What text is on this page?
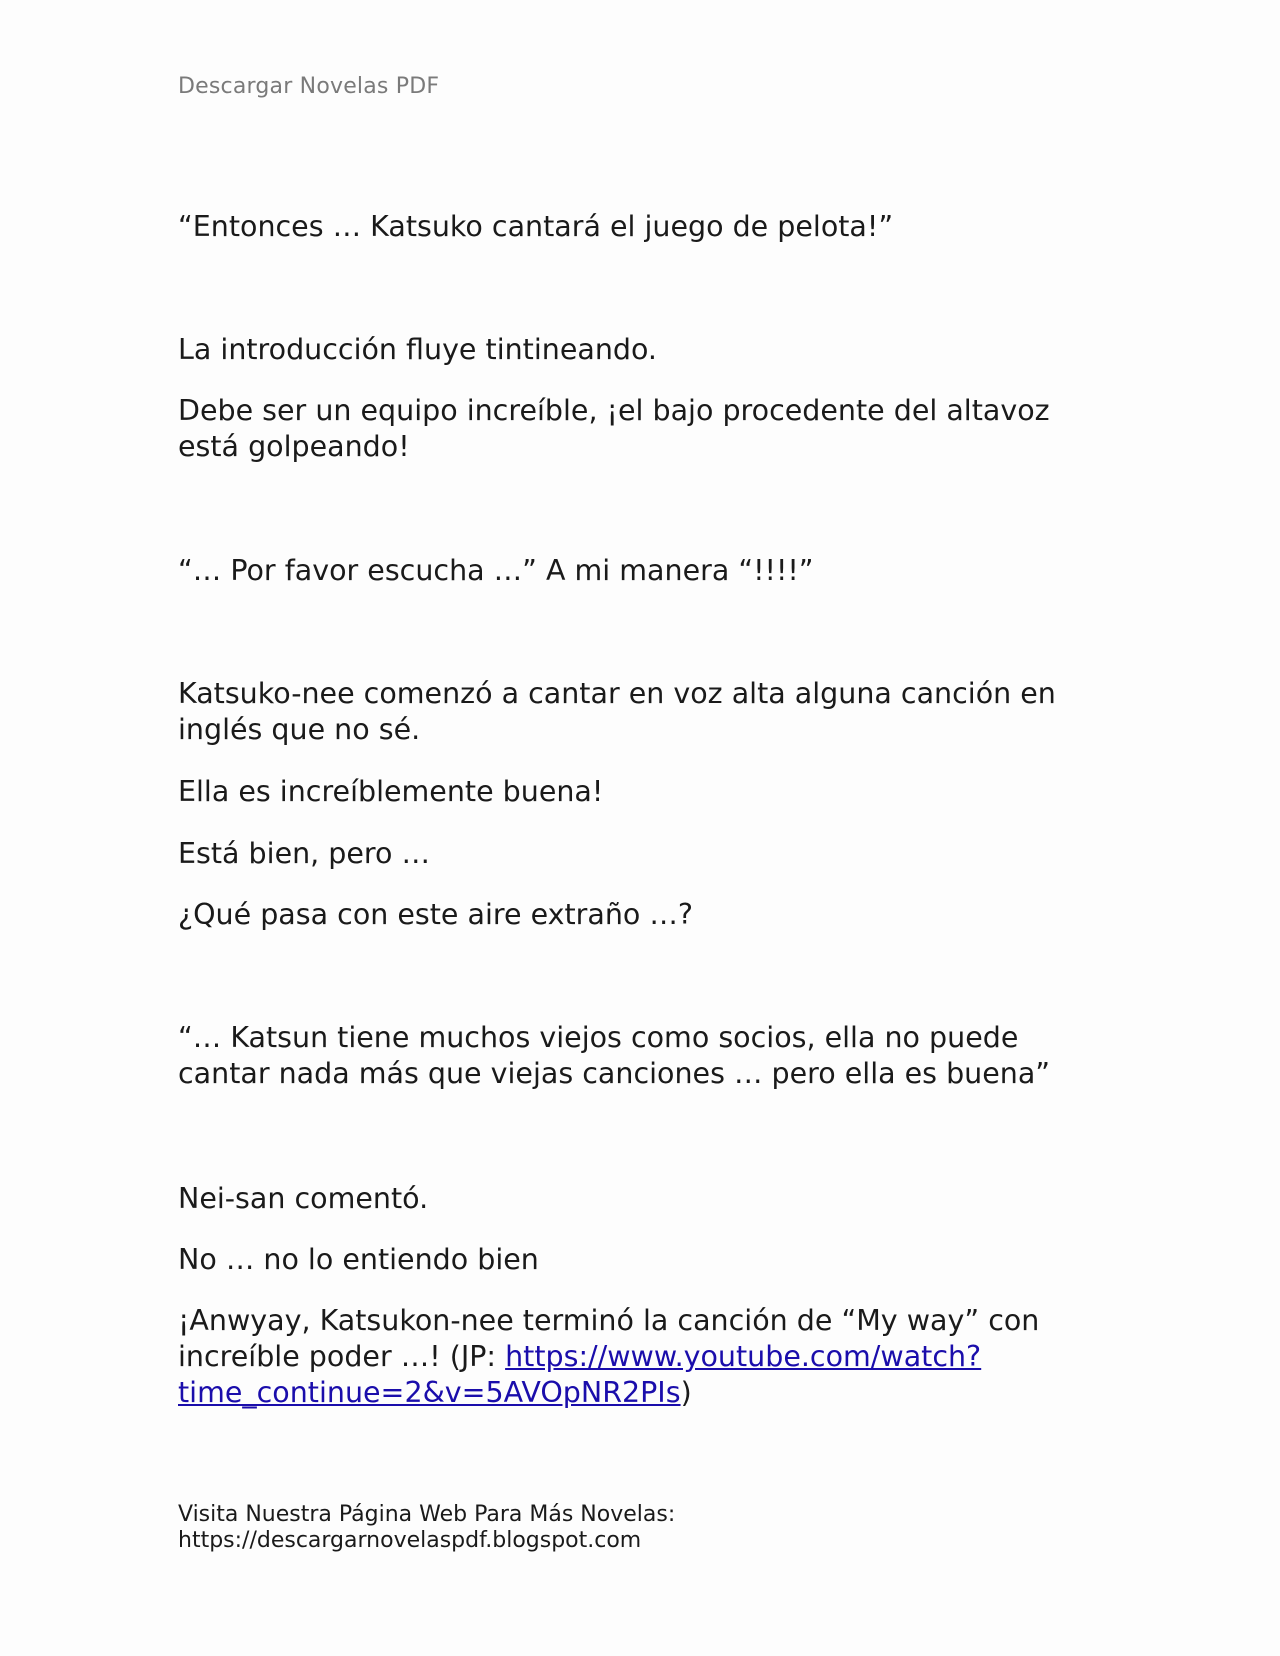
Descargar Novelas PDF

“Entonces … Katsuko cantará el juego de pelota!”

La introducción fluye tintineando.

Debe ser un equipo increíble, ¡el bajo procedente del altavoz
está golpeando!

“… Por favor escucha …” A mi manera “!!!!”

Katsuko-nee comenzó a cantar en voz alta alguna canción en
inglés que no sé.

Ella es increíblemente buena!

Está bien, pero …

¿Qué pasa con este aire extraño …?

“… Katsun tiene muchos viejos como socios, ella no puede
cantar nada más que viejas canciones … pero ella es buena”

Nei-san comentó.

No … no lo entiendo bien

¡Anwyay, Katsukon-nee terminó la canción de “My way” con
increíble poder …! (JP: https://www.youtube.com/watch?
time_continue=2&v=5AVOpNR2PIs)

Visita Nuestra Página Web Para Más Novelas:
https://descargarnovelaspdf.blogspot.com
